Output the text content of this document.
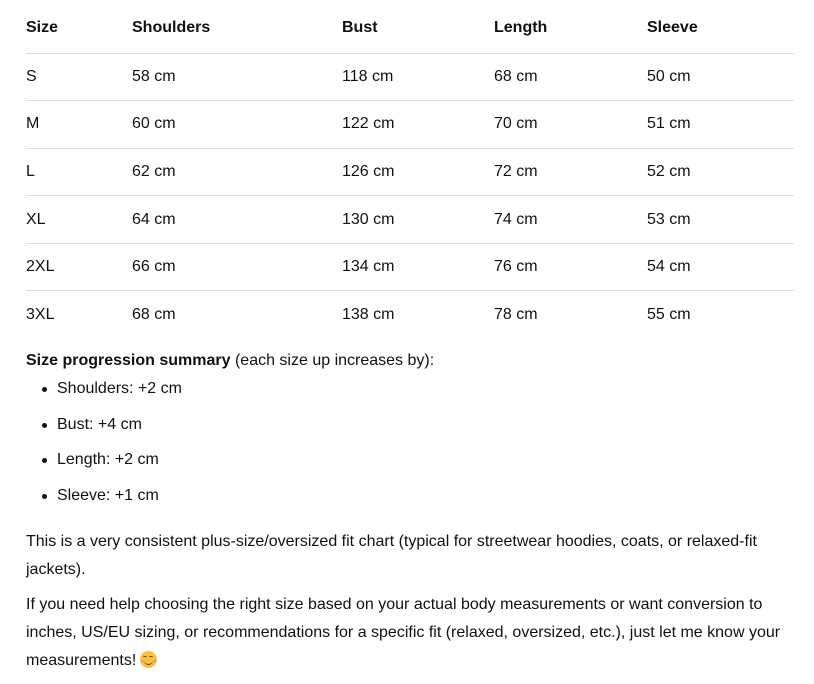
Size	Shoulders	Bust	Length	Sleeve
S	58 cm	118 cm	68 cm	50 cm
M	60 cm	122 cm	70 cm	51 cm
L	62 cm	126 cm	72 cm	52 cm
XL	64 cm	130 cm	74 cm	53 cm
2XL	66 cm	134 cm	76 cm	54 cm
3XL	68 cm	138 cm	78 cm	55 cm
Size progression summary (each size up increases by):
Shoulders: +2 cm
Bust: +4 cm
Length: +2 cm
Sleeve: +1 cm

This is a very consistent plus-size/oversized fit chart (typical for streetwear hoodies, coats, or relaxed-fit jackets).

If you need help choosing the right size based on your actual body measurements or want conversion to inches, US/EU sizing, or recommendations for a specific fit (relaxed, oversized, etc.), just let me know your measurements!
